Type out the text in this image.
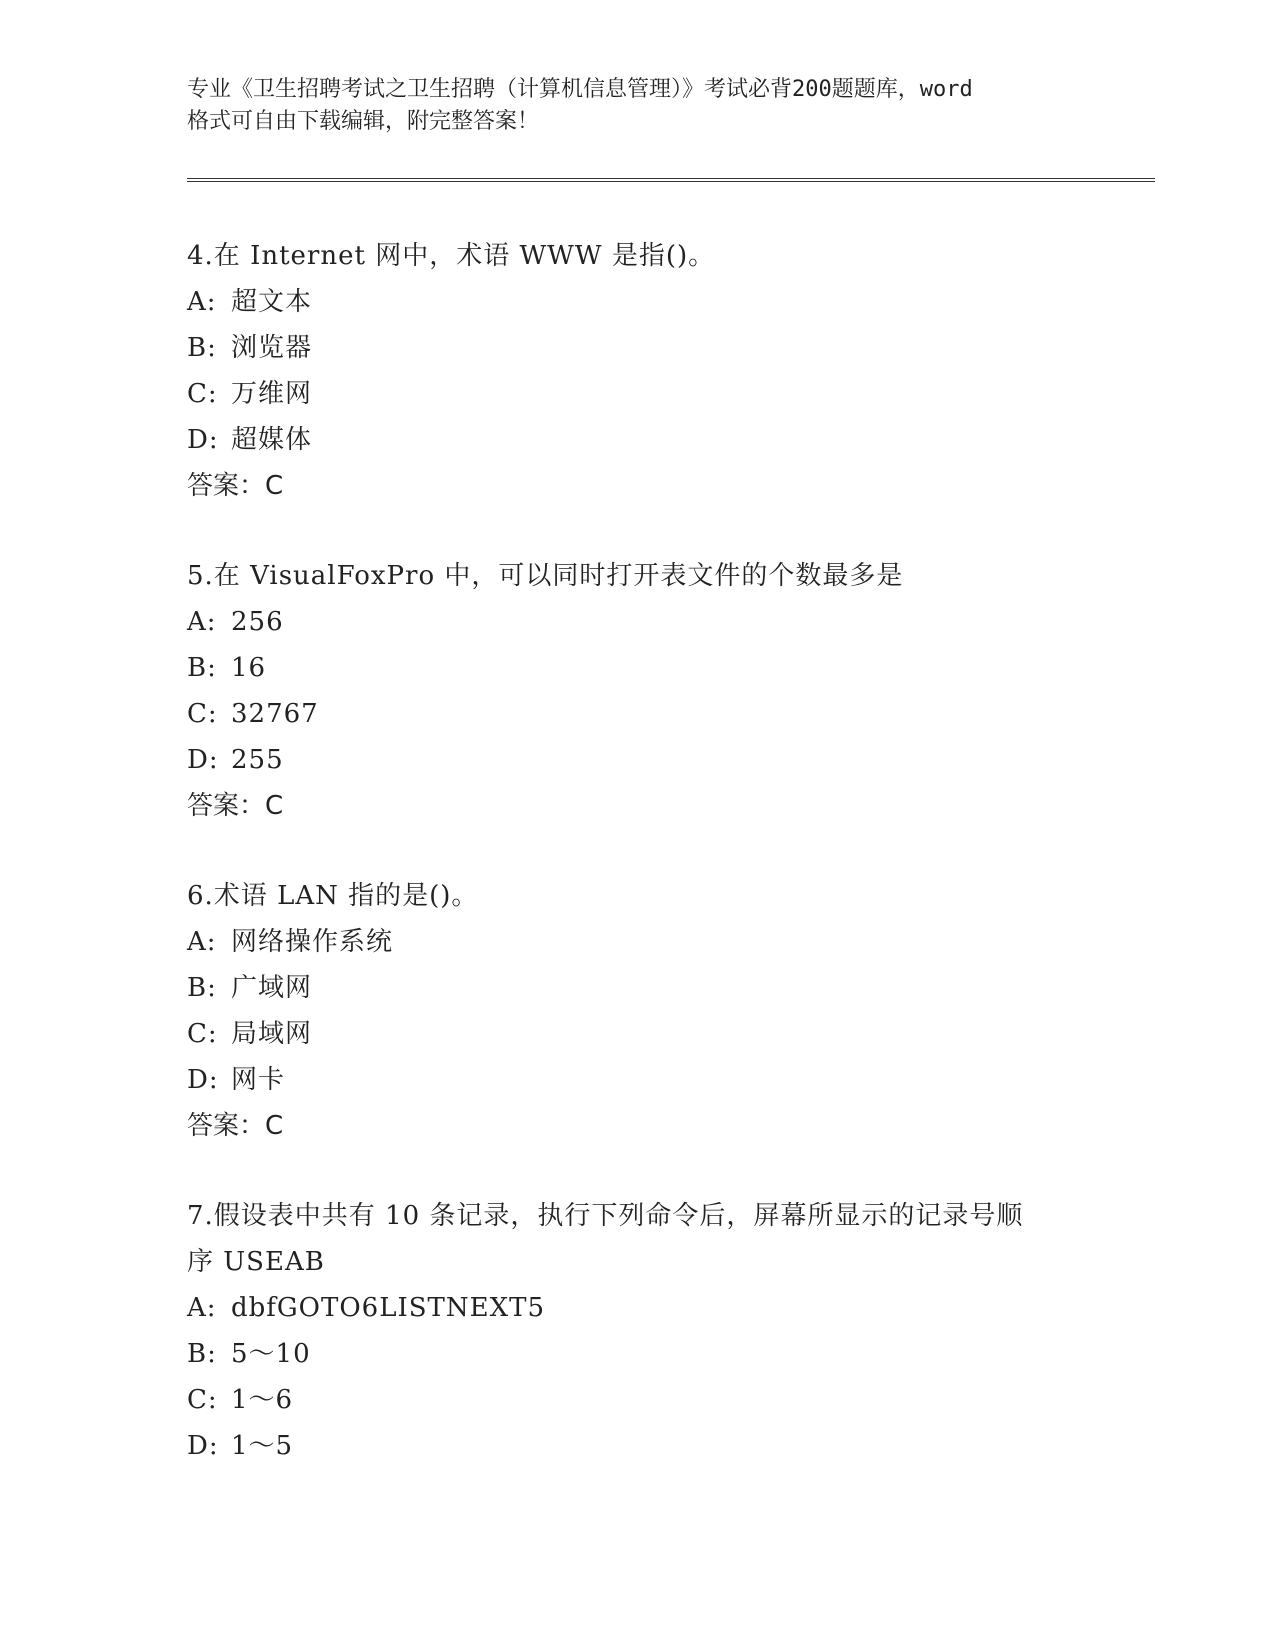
专业《卫生招聘考试之卫生招聘（计算机信息管理）》考试必背200题题库，word
格式可自由下载编辑，附完整答案！
4.在 Internet 网中，术语 WWW 是指()。
A: 超文本
B: 浏览器
C: 万维网
D: 超媒体
答案：C
5.在 VisualFoxPro 中，可以同时打开表文件的个数最多是
A: 256
B: 16
C: 32767
D: 255
答案：C
6.术语 LAN 指的是()。
A: 网络操作系统
B: 广域网
C: 局域网
D: 网卡
答案：C
7.假设表中共有 10 条记录，执行下列命令后，屏幕所显示的记录号顺
序 USEAB
A: dbfGOTO6LISTNEXT5
B: 5～10
C: 1～6
D: 1～5
